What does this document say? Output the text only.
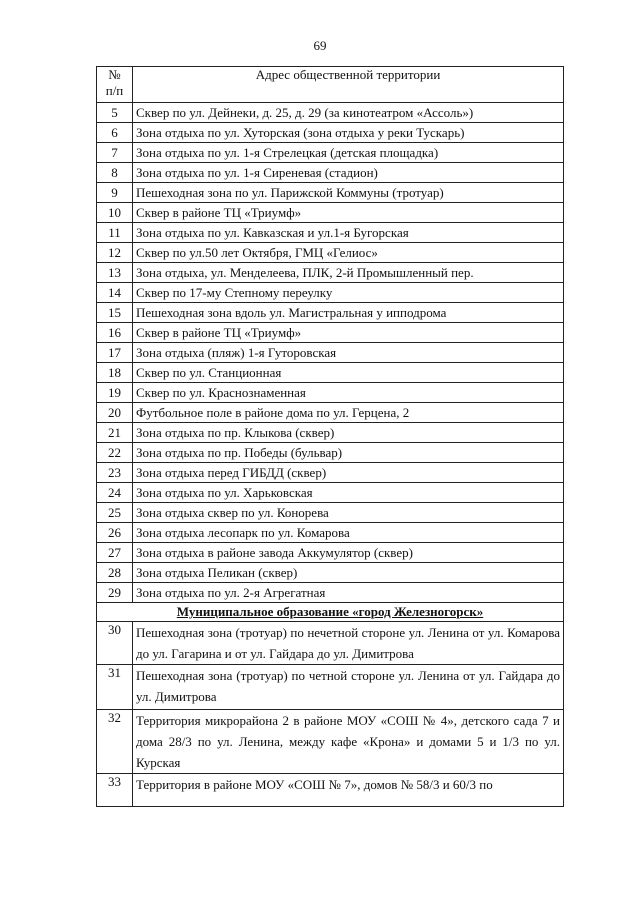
69
№
п/п	Адрес общественной территории
5	Сквер по ул. Дейнеки, д. 25, д. 29 (за кинотеатром «Ассоль»)
6	Зона отдыха по ул. Хуторская (зона отдыха у реки Тускарь)
7	Зона отдыха по ул. 1-я Стрелецкая (детская площадка)
8	Зона отдыха по ул. 1-я Сиреневая (стадион)
9	Пешеходная зона по ул. Парижской Коммуны (тротуар)
10	Сквер в районе ТЦ «Триумф»
11	Зона отдыха по ул. Кавказская и ул.1-я Бугорская
12	Сквер по ул.50 лет Октября, ГМЦ «Гелиос»
13	Зона отдыха, ул. Менделеева, ПЛК, 2-й Промышленный пер.
14	Сквер по 17-му Степному переулку
15	Пешеходная зона вдоль ул. Магистральная у ипподрома
16	Сквер в районе ТЦ «Триумф»
17	Зона отдыха (пляж) 1-я Гуторовская
18	Сквер по ул. Станционная
19	Сквер по ул. Краснознаменная
20	Футбольное поле в районе дома по ул. Герцена, 2
21	Зона отдыха по пр. Клыкова (сквер)
22	Зона отдыха по пр. Победы (бульвар)
23	Зона отдыха перед ГИБДД (сквер)
24	Зона отдыха по ул. Харьковская
25	Зона отдыха сквер по ул. Конорева
26	Зона отдыха лесопарк по ул. Комарова
27	Зона отдыха в районе завода Аккумулятор (сквер)
28	Зона отдыха Пеликан (сквер)
29	Зона отдыха по ул. 2-я Агрегатная
Муниципальное образование «город Железногорск»	
30	Пешеходная зона (тротуар) по нечетной стороне ул. Ленина от ул. Комарова до ул. Гагарина и от ул. Гайдара до ул. Димитрова
31	Пешеходная зона (тротуар) по четной стороне ул. Ленина от ул. Гайдара до ул. Димитрова
32	Территория микрорайона 2 в районе МОУ «СОШ № 4», детского сада 7 и дома 28/3 по ул. Ленина, между кафе «Крона» и домами 5 и 1/3 по ул. Курская
33	Территория в районе МОУ «СОШ № 7», домов № 58/3 и 60/3 по
